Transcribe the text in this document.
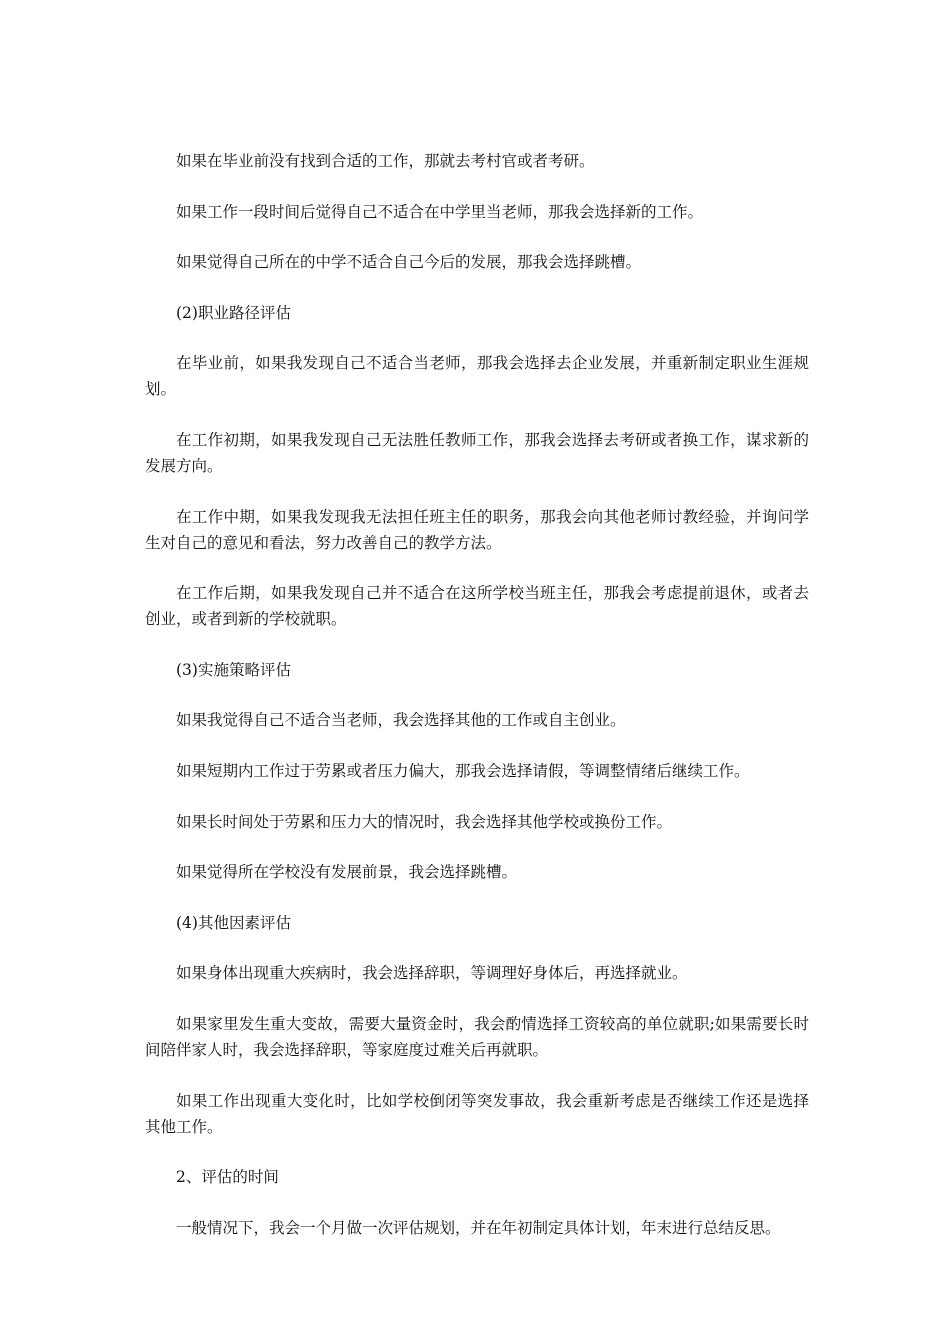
如果在毕业前没有找到合适的工作，那就去考村官或者考研。

如果工作一段时间后觉得自己不适合在中学里当老师，那我会选择新的工作。

如果觉得自己所在的中学不适合自己今后的发展，那我会选择跳槽。

(2)职业路径评估

在毕业前，如果我发现自己不适合当老师，那我会选择去企业发展，并重新制定职业生涯规划。

在工作初期，如果我发现自己无法胜任教师工作，那我会选择去考研或者换工作，谋求新的发展方向。

在工作中期，如果我发现我无法担任班主任的职务，那我会向其他老师讨教经验，并询问学生对自己的意见和看法，努力改善自己的教学方法。

在工作后期，如果我发现自己并不适合在这所学校当班主任，那我会考虑提前退休，或者去创业，或者到新的学校就职。

(3)实施策略评估

如果我觉得自己不适合当老师，我会选择其他的工作或自主创业。

如果短期内工作过于劳累或者压力偏大，那我会选择请假，等调整情绪后继续工作。

如果长时间处于劳累和压力大的情况时，我会选择其他学校或换份工作。

如果觉得所在学校没有发展前景，我会选择跳槽。

(4)其他因素评估

如果身体出现重大疾病时，我会选择辞职，等调理好身体后，再选择就业。

如果家里发生重大变故，需要大量资金时，我会酌情选择工资较高的单位就职;如果需要长时间陪伴家人时，我会选择辞职，等家庭度过难关后再就职。

如果工作出现重大变化时，比如学校倒闭等突发事故，我会重新考虑是否继续工作还是选择其他工作。

2、评估的时间

一般情况下，我会一个月做一次评估规划，并在年初制定具体计划，年末进行总结反思。
